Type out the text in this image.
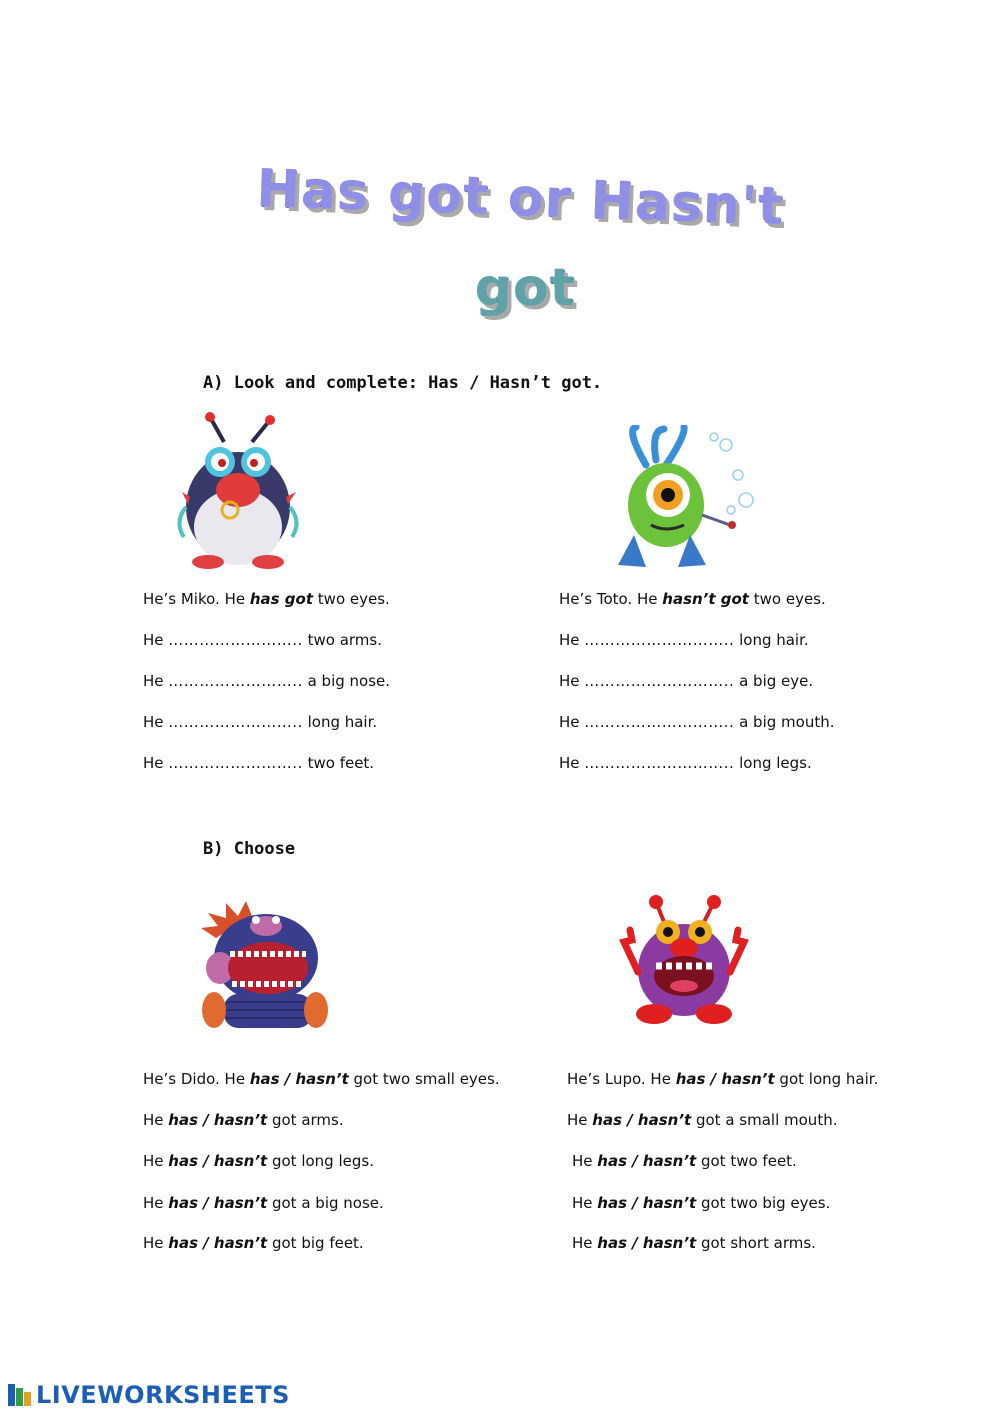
Has got or Hasn't
got
A) Look and complete: Has / Hasn’t got.
He’s Miko. He has got two eyes.
He …………………….. two arms.
He …………………….. a big nose.
He …………………….. long hair.
He …………………….. two feet.
He’s Toto. He hasn’t got two eyes.
He ……………………….. long hair.
He ……………………….. a big eye.
He ……………………….. a big mouth.
He ……………………….. long legs.
B) Choose
He’s Dido. He has / hasn’t got two small eyes.
He has / hasn’t got arms.
He has / hasn’t got long legs.
He has / hasn’t got a big nose.
He has / hasn’t got big feet.
He’s Lupo. He has / hasn’t got long hair.
He has / hasn’t got a small mouth.
He has / hasn’t got two feet.
He has / hasn’t got two big eyes.
He has / hasn’t got short arms.
LIVEWORKSHEETS
